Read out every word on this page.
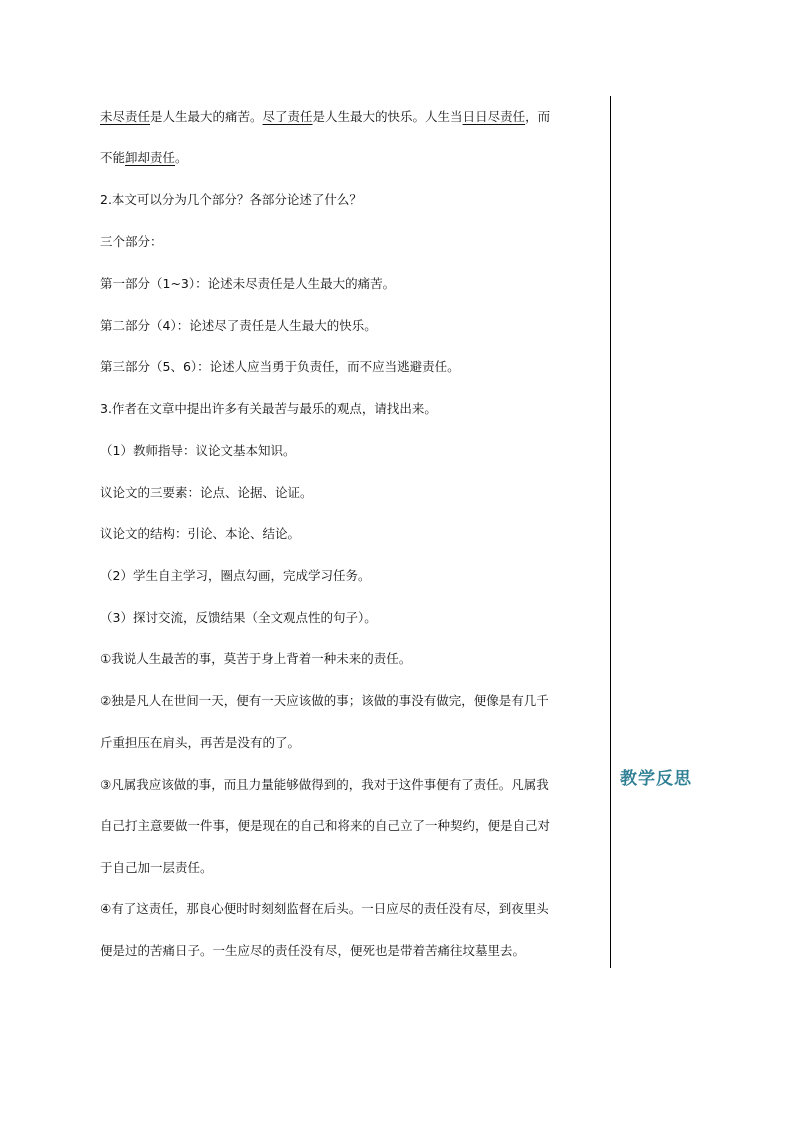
未尽责任是人生最大的痛苦。尽了责任是人生最大的快乐。人生当日日尽责任，而
不能卸却责任。
2.本文可以分为几个部分？各部分论述了什么？
三个部分：
第一部分（1~3）：论述未尽责任是人生最大的痛苦。
第二部分（4）：论述尽了责任是人生最大的快乐。
第三部分（5、6）：论述人应当勇于负责任，而不应当逃避责任。
3.作者在文章中提出许多有关最苦与最乐的观点，请找出来。
（1）教师指导：议论文基本知识。
议论文的三要素：论点、论据、论证。
议论文的结构：引论、本论、结论。
（2）学生自主学习，圈点勾画，完成学习任务。
（3）探讨交流，反馈结果（全文观点性的句子）。
①我说人生最苦的事，莫苦于身上背着一种未来的责任。
②独是凡人在世间一天，便有一天应该做的事；该做的事没有做完，便像是有几千
斤重担压在肩头，再苦是没有的了。
③凡属我应该做的事，而且力量能够做得到的，我对于这件事便有了责任。凡属我
自己打主意要做一件事，便是现在的自己和将来的自己立了一种契约，便是自己对
于自己加一层责任。
④有了这责任，那良心便时时刻刻监督在后头。一日应尽的责任没有尽，到夜里头
便是过的苦痛日子。一生应尽的责任没有尽，便死也是带着苦痛往坟墓里去。
教学反思
